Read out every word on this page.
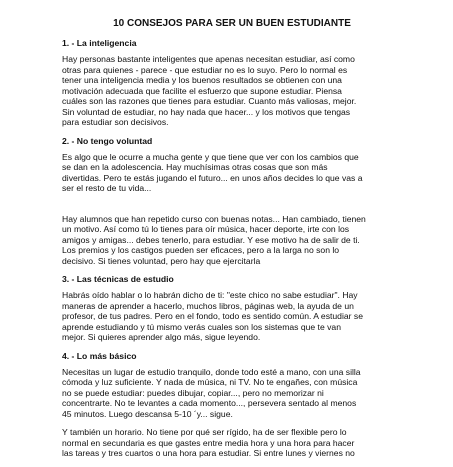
10 CONSEJOS PARA SER UN BUEN ESTUDIANTE
1. - La inteligencia
Hay personas bastante inteligentes que apenas necesitan estudiar, así como
otras para quienes - parece - que estudiar no es lo suyo. Pero lo normal es
tener una inteligencia media y los buenos resultados se obtienen con una
motivación adecuada que facilite el esfuerzo que supone estudiar. Piensa
cuáles son las razones que tienes para estudiar. Cuanto más valiosas, mejor.
Sin voluntad de estudiar, no hay nada que hacer... y los motivos que tengas
para estudiar son decisivos.
2. - No tengo voluntad
Es algo que le ocurre a mucha gente y que tiene que ver con los cambios que
se dan en la adolescencia. Hay muchísimas otras cosas que son más
divertidas. Pero te estás jugando el futuro... en unos años decides lo que vas a
ser el resto de tu vida...
Hay alumnos que han repetido curso con buenas notas... Han cambiado, tienen
un motivo. Así como tú lo tienes para oír música, hacer deporte, irte con los
amigos y amigas... debes tenerlo, para estudiar. Y ese motivo ha de salir de ti.
Los premios y los castigos pueden ser eficaces, pero a la larga no son lo
decisivo. Si tienes voluntad, pero hay que ejercitarla
3. - Las técnicas de estudio
Habrás oído hablar o lo habrán dicho de ti: "este chico no sabe estudiar". Hay
maneras de aprender a hacerlo, muchos libros, páginas web, la ayuda de un
profesor, de tus padres. Pero en el fondo, todo es sentido común. A estudiar se
aprende estudiando y tú mismo verás cuales son los sistemas que te van
mejor. Si quieres aprender algo más, sigue leyendo.
4. - Lo más básico
Necesitas un lugar de estudio tranquilo, donde todo esté a mano, con una silla
cómoda y luz suficiente. Y nada de música, ni TV. No te engañes, con música
no se puede estudiar: puedes dibujar, copiar..., pero no memorizar ni
concentrarte. No te levantes a cada momento..., persevera sentado al menos
45 minutos. Luego descansa 5-10 ´y... sigue.
Y también un horario. No tiene por qué ser rígido, ha de ser flexible pero lo
normal en secundaria es que gastes entre media hora y una hora para hacer
las tareas y tres cuartos o una hora para estudiar. Si entre lunes y viernes no
